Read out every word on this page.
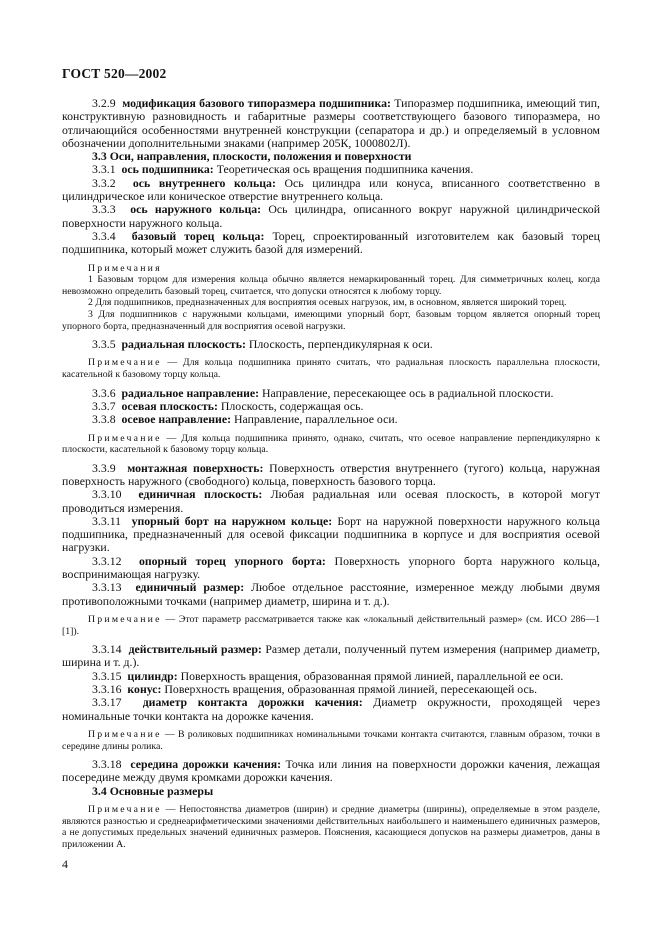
ГОСТ 520—2002

3.2.9 модификация базового типоразмера подшипника: Типоразмер подшипника, имеющий тип, конструктивную разновидность и габаритные размеры соответствующего базового типоразмера, но отличающийся особенностями внутренней конструкции (сепаратора и др.) и определяемый в условном обозначении дополнительными знаками (например 205К, 1000802Л).

3.3 Оси, направления, плоскости, положения и поверхности

3.3.1 ось подшипника: Теоретическая ось вращения подшипника качения.

3.3.2 ось внутреннего кольца: Ось цилиндра или конуса, вписанного соответственно в цилиндрическое или коническое отверстие внутреннего кольца.

3.3.3 ось наружного кольца: Ось цилиндра, описанного вокруг наружной цилиндрической поверхности наружного кольца.

3.3.4 базовый торец кольца: Торец, спроектированный изготовителем как базовый торец подшипника, который может служить базой для измерений.

Примечания

1 Базовым торцом для измерения кольца обычно является немаркированный торец. Для симметричных колец, когда невозможно определить базовый торец, считается, что допуски относятся к любому торцу.

2 Для подшипников, предназначенных для восприятия осевых нагрузок, им, в основном, является широкий торец.

3 Для подшипников с наружными кольцами, имеющими упорный борт, базовым торцом является опорный торец упорного борта, предназначенный для восприятия осевой нагрузки.

3.3.5 радиальная плоскость: Плоскость, перпендикулярная к оси.

Примечание — Для кольца подшипника принято считать, что радиальная плоскость параллельна плоскости, касательной к базовому торцу кольца.

3.3.6 радиальное направление: Направление, пересекающее ось в радиальной плоскости.

3.3.7 осевая плоскость: Плоскость, содержащая ось.

3.3.8 осевое направление: Направление, параллельное оси.

Примечание — Для кольца подшипника принято, однако, считать, что осевое направление перпендикулярно к плоскости, касательной к базовому торцу кольца.

3.3.9 монтажная поверхность: Поверхность отверстия внутреннего (тугого) кольца, наружная поверхность наружного (свободного) кольца, поверхность базового торца.

3.3.10 единичная плоскость: Любая радиальная или осевая плоскость, в которой могут проводиться измерения.

3.3.11 упорный борт на наружном кольце: Борт на наружной поверхности наружного кольца подшипника, предназначенный для осевой фиксации подшипника в корпусе и для восприятия осевой нагрузки.

3.3.12 опорный торец упорного борта: Поверхность упорного борта наружного кольца, воспринимающая нагрузку.

3.3.13 единичный размер: Любое отдельное расстояние, измеренное между любыми двумя противоположными точками (например диаметр, ширина и т. д.).

Примечание — Этот параметр рассматривается также как «локальный действительный размер» (см. ИСО 286—1 [1]).

3.3.14 действительный размер: Размер детали, полученный путем измерения (например диаметр, ширина и т. д.).

3.3.15 цилиндр: Поверхность вращения, образованная прямой линией, параллельной ее оси.

3.3.16 конус: Поверхность вращения, образованная прямой линией, пересекающей ось.

3.3.17 диаметр контакта дорожки качения: Диаметр окружности, проходящей через номинальные точки контакта на дорожке качения.

Примечание — В роликовых подшипниках номинальными точками контакта считаются, главным образом, точки в середине длины ролика.

3.3.18 середина дорожки качения: Точка или линия на поверхности дорожки качения, лежащая посередине между двумя кромками дорожки качения.

3.4 Основные размеры

Примечание — Непостоянства диаметров (ширин) и средние диаметры (ширины), определяемые в этом разделе, являются разностью и среднеарифметическими значениями действительных наибольшего и наименьшего единичных размеров, а не допустимых предельных значений единичных размеров. Пояснения, касающиеся допусков на размеры диаметров, даны в приложении А.

4
